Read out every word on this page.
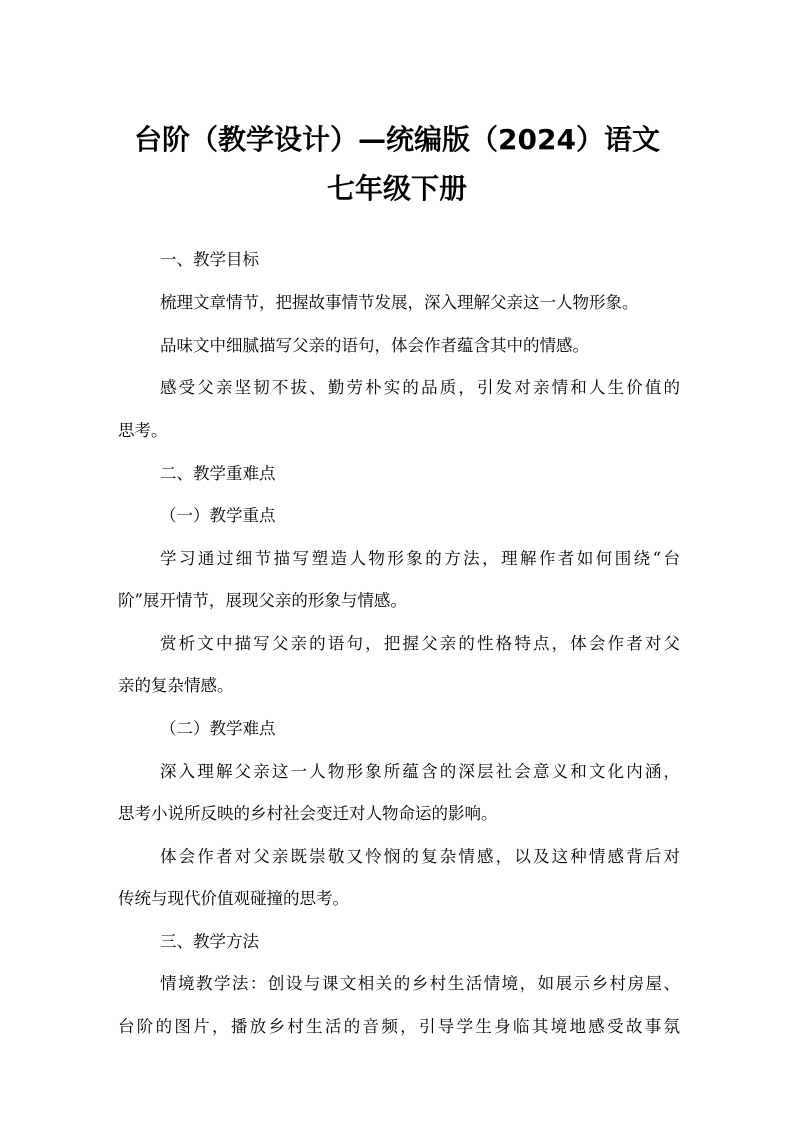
台阶（教学设计）—统编版（2024）语文
七年级下册

一、教学目标

梳理文章情节，把握故事情节发展，深入理解父亲这一人物形象。

品味文中细腻描写父亲的语句，体会作者蕴含其中的情感。

感受父亲坚韧不拔、勤劳朴实的品质，引发对亲情和人生价值的

思考。

二、教学重难点

（一）教学重点

学习通过细节描写塑造人物形象的方法，理解作者如何围绕“台

阶”展开情节，展现父亲的形象与情感。

赏析文中描写父亲的语句，把握父亲的性格特点，体会作者对父

亲的复杂情感。

（二）教学难点

深入理解父亲这一人物形象所蕴含的深层社会意义和文化内涵，

思考小说所反映的乡村社会变迁对人物命运的影响。

体会作者对父亲既崇敬又怜悯的复杂情感，以及这种情感背后对

传统与现代价值观碰撞的思考。

三、教学方法

情境教学法：创设与课文相关的乡村生活情境，如展示乡村房屋、

台阶的图片，播放乡村生活的音频，引导学生身临其境地感受故事氛
